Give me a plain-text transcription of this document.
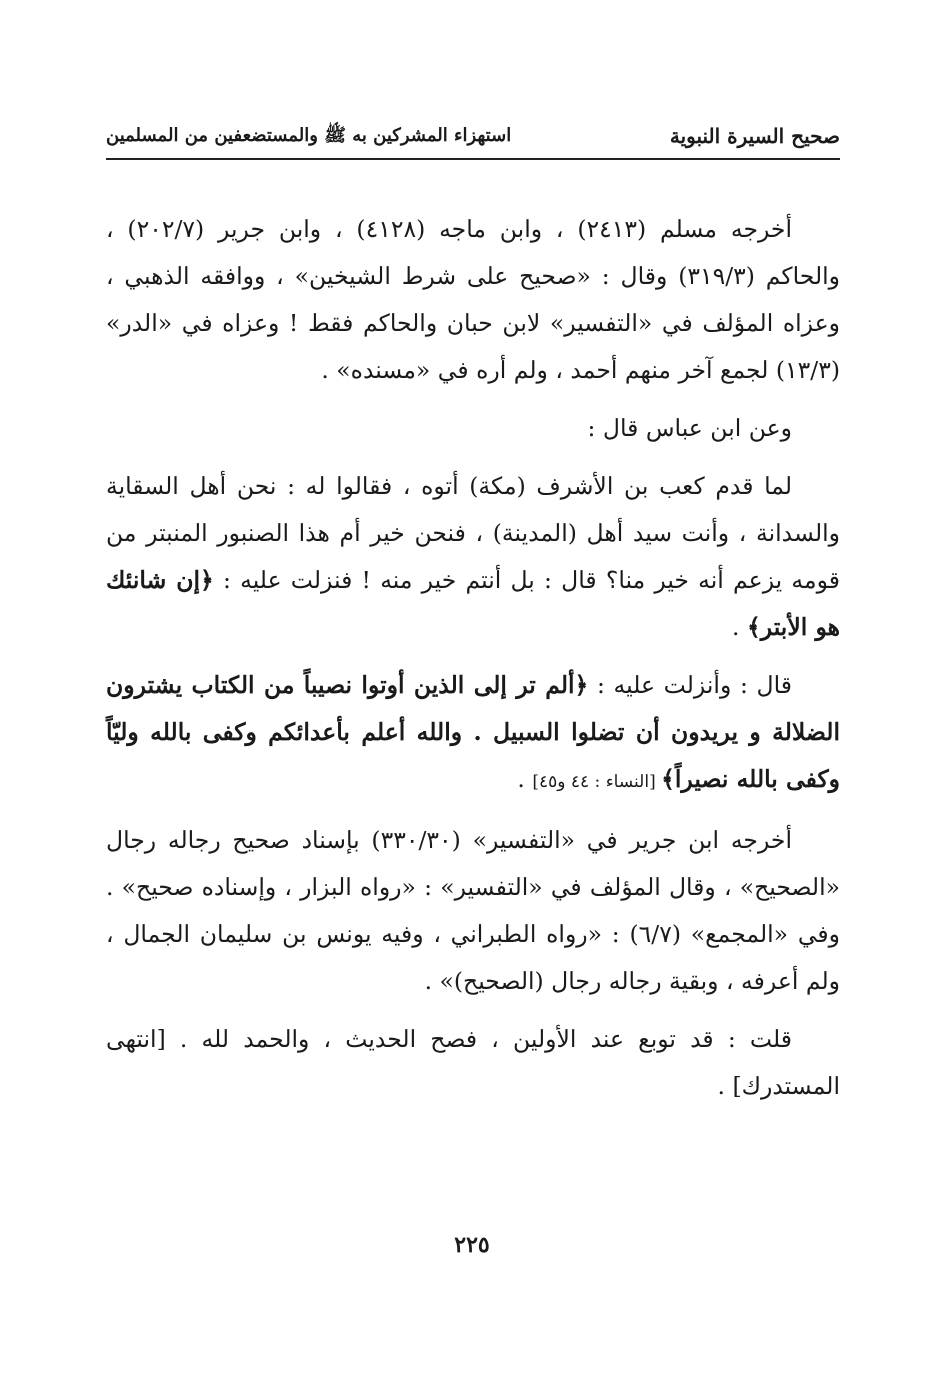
صحيح السيرة النبوية
استهزاء المشركين به ﷺ والمستضعفين من المسلمين

أخرجه مسلم (٢٤١٣) ، وابن ماجه (٤١٢٨) ، وابن جرير (٢٠٢/٧) ، والحاكم (٣١٩/٣) وقال : «صحيح على شرط الشيخين» ، ووافقه الذهبي ، وعزاه المؤلف في «التفسير» لابن حبان والحاكم فقط ! وعزاه في «الدر» (١٣/٣) لجمع آخر منهم أحمد ، ولم أره في «مسنده» .

وعن ابن عباس قال :

لما قدم كعب بن الأشرف (مكة) أتوه ، فقالوا له : نحن أهل السقاية والسدانة ، وأنت سيد أهل (المدينة) ، فنحن خير أم هذا الصنبور المنبتر من قومه يزعم أنه خير منا؟ قال : بل أنتم خير منه ! فنزلت عليه : ﴿إن شانئك هو الأبتر﴾ .

قال : وأنزلت عليه : ﴿ألم تر إلى الذين أوتوا نصيباً من الكتاب يشترون الضلالة و يريدون أن تضلوا السبيل . والله أعلم بأعدائكم وكفى بالله وليّاً وكفى بالله نصيراً﴾ [النساء : ٤٤ و٤٥] .

أخرجه ابن جرير في «التفسير» (٣٣٠/٣٠) بإسناد صحيح رجاله رجال «الصحيح» ، وقال المؤلف في «التفسير» : «رواه البزار ، وإسناده صحيح» . وفي «المجمع» (٦/٧) : «رواه الطبراني ، وفيه يونس بن سليمان الجمال ، ولم أعرفه ، وبقية رجاله رجال (الصحيح)» .

قلت : قد توبع عند الأولين ، فصح الحديث ، والحمد لله . [انتهى المستدرك] .

٢٢٥
